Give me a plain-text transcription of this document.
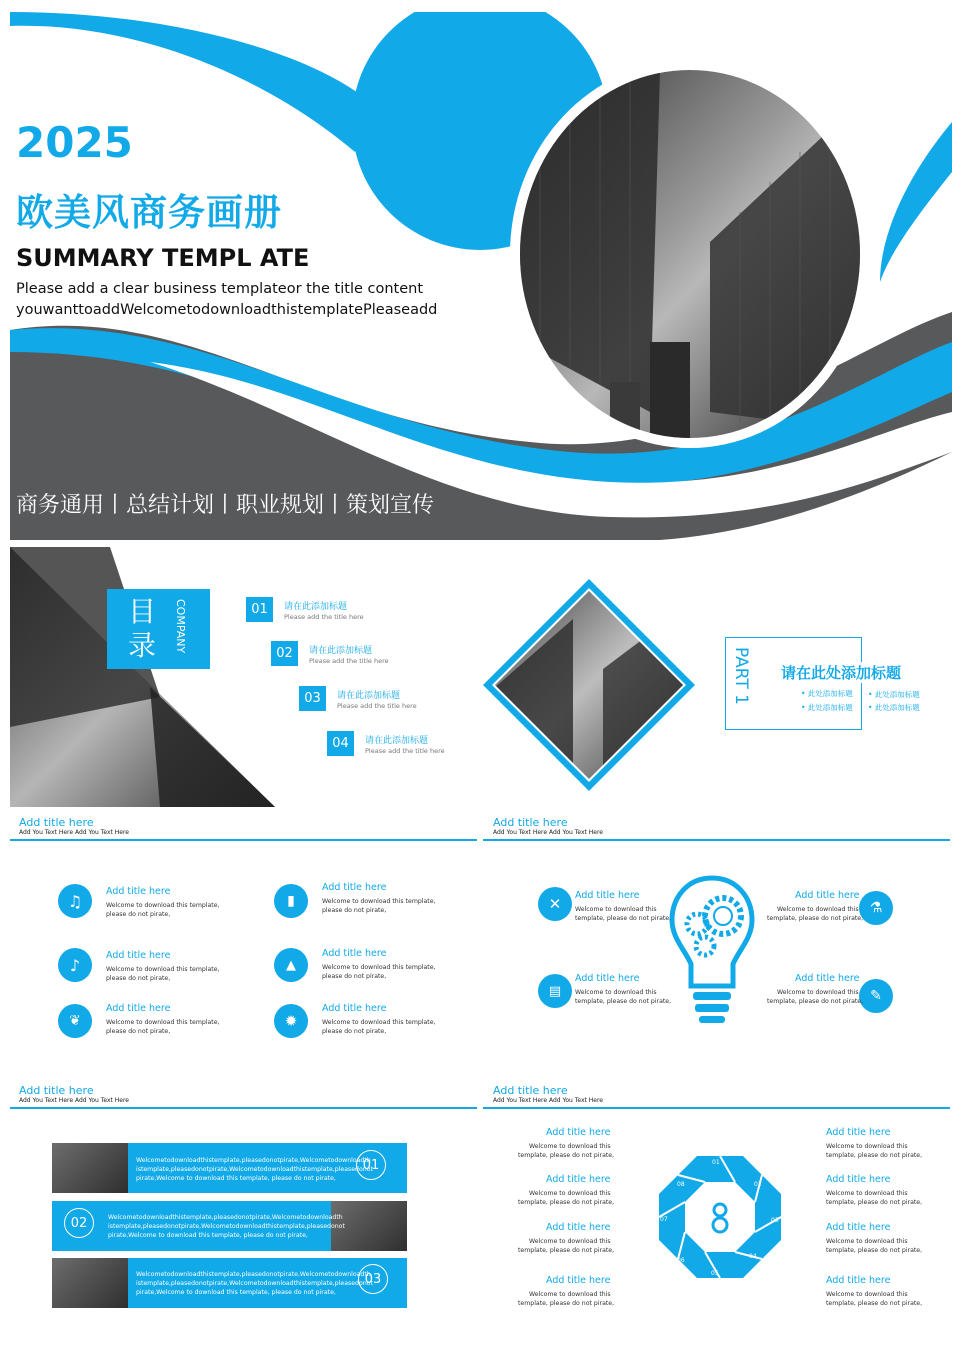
2025
欧美风商务画册
SUMMARY TEMPL ATE
Please add a clear business templateor the title content
youwanttoaddWelcometodownloadthistemplatePleaseadd
商务通用丨总结计划丨职业规划丨策划宣传
目录 COMPANY	01	请在此添加标题
Please add the title here
02	请在此添加标题
Please add the title here
03	请在此添加标题
Please add the title here
04	请在此添加标题
Please add the title here
PART 1 请在此处添加标题
• 此处添加标题 • 此处添加标题
• 此处添加标题 • 此处添加标题
Add title here
Add You Text Here Add You Text Here
♫	Add title here
Welcome to download this template,
please do not pirate,
▮
Add title here
Welcome to download this template,
please do not pirate,
♪	Add title here
Welcome to download this template,
please do not pirate,
▲
Add title here
Welcome to download this template,
please do not pirate,
❦
Add title here
Welcome to download this template,
please do not pirate,
✹
Add title here
Welcome to download this template,
please do not pirate,
Add title here
Add You Text Here Add You Text Here
✕ Add title here
Welcome to download this
template, please do not pirate,
⚗
Add title here
Welcome to download this
template, please do not pirate,
▤
Add title here
Welcome to download this
template, please do not pirate,	✎
Add title here
Welcome to download this
template, please do not pirate,
Add title here
Add You Text Here Add You Text Here
Welcometodownloadthistemplate,pleasedonotpirate,Welcometodownloadth
istemplate,pleasedonotpirate,Welcometodownloadthistemplate,pleasedonot
pirate,Welcome to download this template, please do not pirate,
01
02	Welcometodownloadthistemplate,pleasedonotpirate,Welcometodownloadth
istemplate,pleasedonotpirate,Welcometodownloadthistemplate,pleasedonot
pirate,Welcome to download this template, please do not pirate,
Welcometodownloadthistemplate,pleasedonotpirate,Welcometodownloadth
istemplate,pleasedonotpirate,Welcometodownloadthistemplate,pleasedonot
pirate,Welcome to download this template, please do not pirate,
03
Add title here
Add You Text Here Add You Text Here
01
02
03
04
05
06
07
08
Add title here
Welcome to download this
template, please do not pirate,
Add title here
Welcome to download this
template, please do not pirate,
Add title here
Welcome to download this
template, please do not pirate,
Add title here
Welcome to download this
template, please do not pirate,
Add title here
Welcome to download this
template, please do not pirate,
Add title here
Welcome to download this
template, please do not pirate,
Add title here
Welcome to download this
template, please do not pirate,
Add title here
Welcome to download this
template, please do not pirate,
